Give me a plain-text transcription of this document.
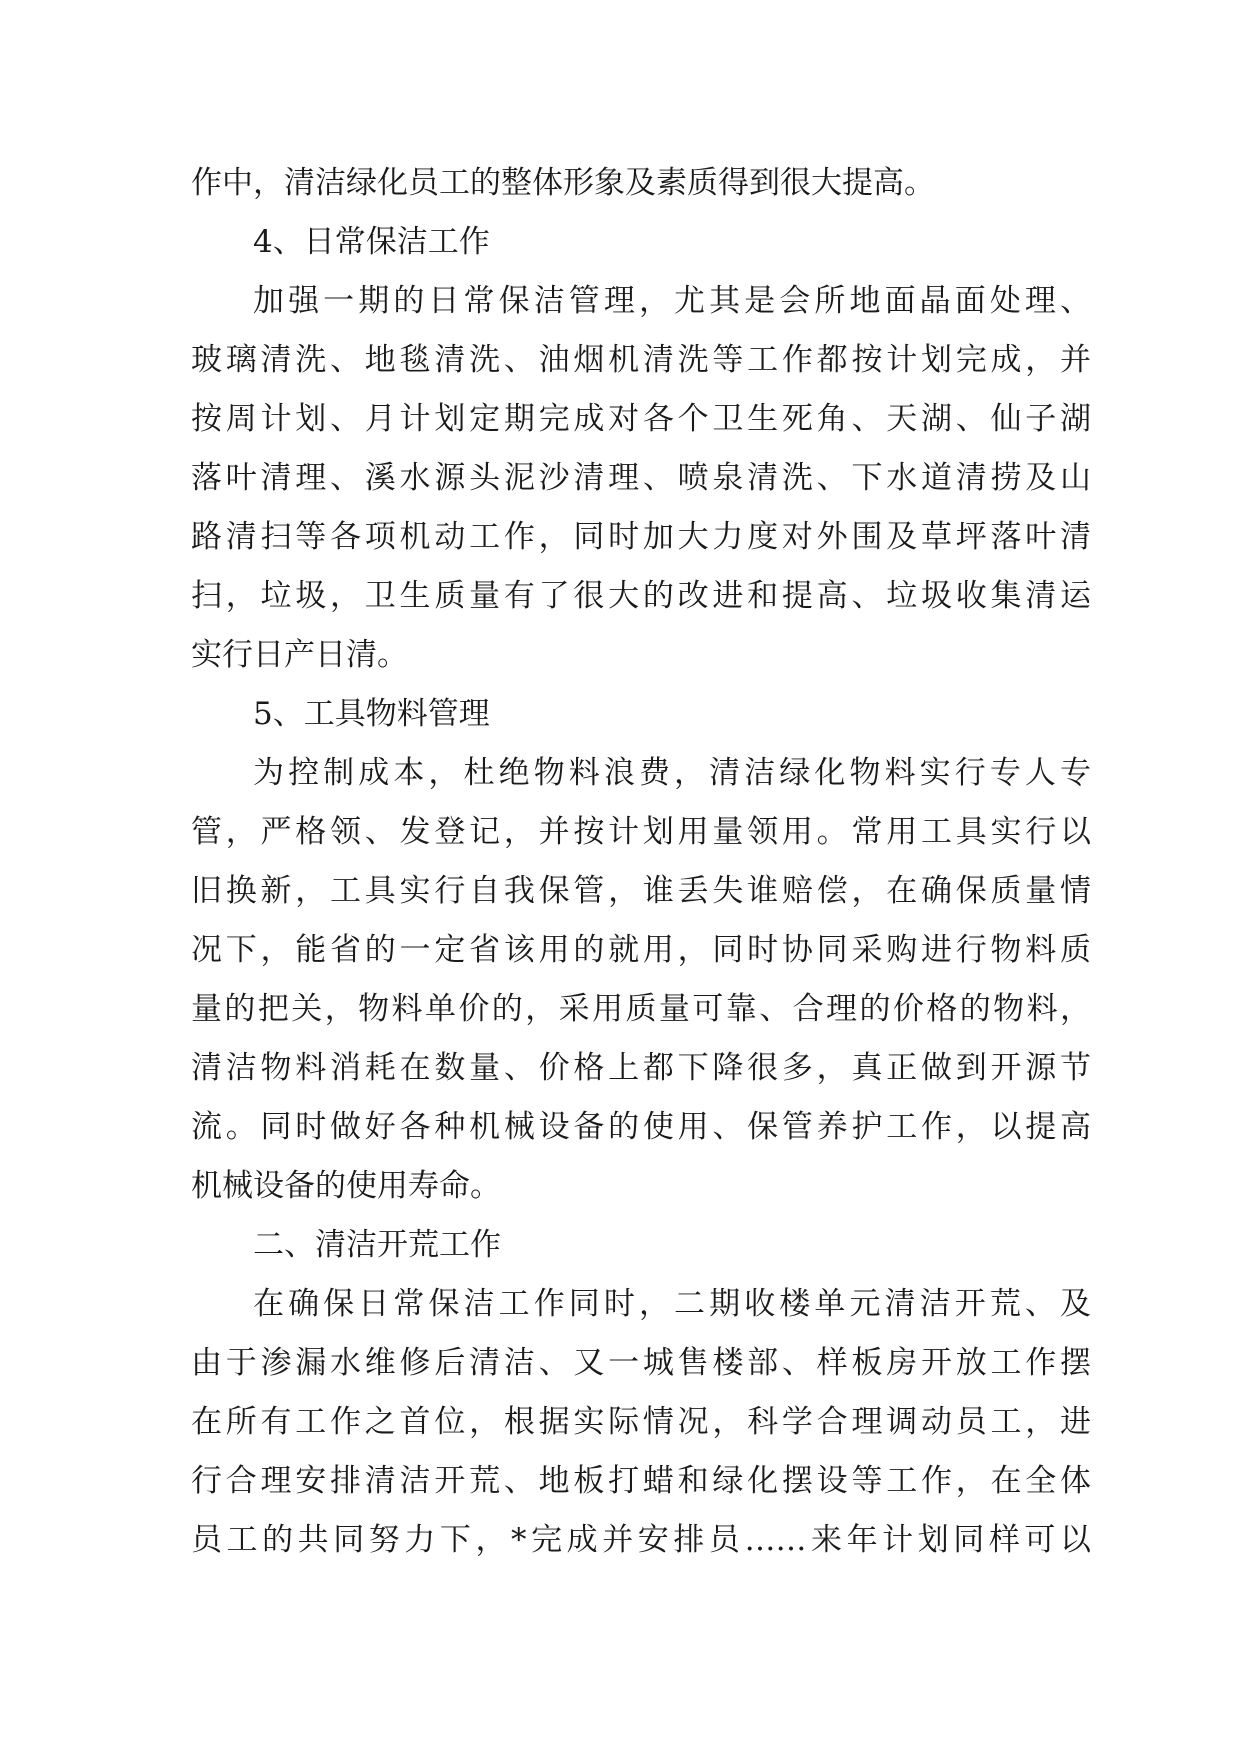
作中，清洁绿化员工的整体形象及素质得到很大提高。
4、日常保洁工作
加强一期的日常保洁管理，尤其是会所地面晶面处理、
玻璃清洗、地毯清洗、油烟机清洗等工作都按计划完成，并
按周计划、月计划定期完成对各个卫生死角、天湖、仙子湖
落叶清理、溪水源头泥沙清理、喷泉清洗、下水道清捞及山
路清扫等各项机动工作，同时加大力度对外围及草坪落叶清
扫，垃圾，卫生质量有了很大的改进和提高、垃圾收集清运
实行日产日清。
5、工具物料管理
为控制成本，杜绝物料浪费，清洁绿化物料实行专人专
管，严格领、发登记，并按计划用量领用。常用工具实行以
旧换新，工具实行自我保管，谁丢失谁赔偿，在确保质量情
况下，能省的一定省该用的就用，同时协同采购进行物料质
量的把关，物料单价的，采用质量可靠、合理的价格的物料，
清洁物料消耗在数量、价格上都下降很多，真正做到开源节
流。同时做好各种机械设备的使用、保管养护工作，以提高
机械设备的使用寿命。
二、清洁开荒工作
在确保日常保洁工作同时，二期收楼单元清洁开荒、及
由于渗漏水维修后清洁、又一城售楼部、样板房开放工作摆
在所有工作之首位，根据实际情况，科学合理调动员工，进
行合理安排清洁开荒、地板打蜡和绿化摆设等工作，在全体
员工的共同努力下，*完成并安排员……来年计划同样可以
